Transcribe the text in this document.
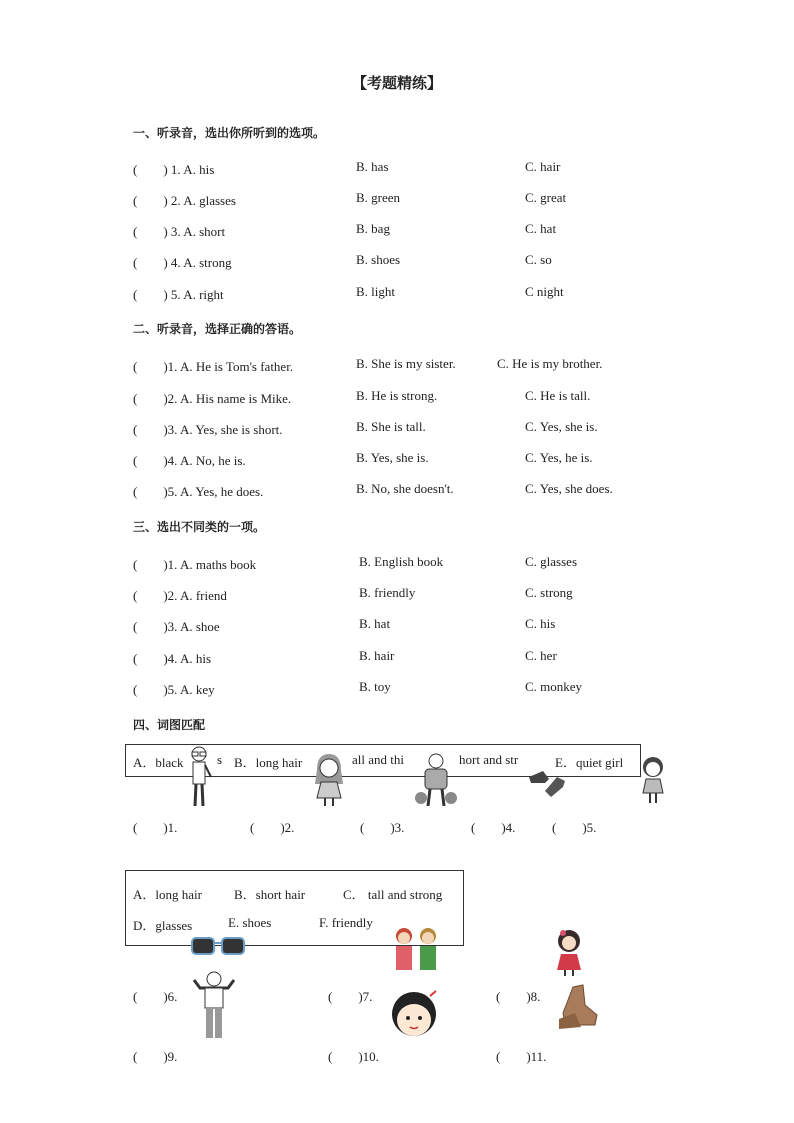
【考题精练】
一、听录音，选出你所听到的选项。
(　　) 1. A. his	B. has	C. hair
(　　) 2. A. glasses	B. green	C. great
(　　) 3. A. short	B. bag	C. hat
(　　) 4. A. strong	B. shoes	C. so
(　　) 5. A. right	B. light	C night
二、听录音，选择正确的答语。
(　　)1. A. He is Tom's father.	B. She is my sister.	C. He is my brother.
(　　)2. A. His name is Mike.	B. He is strong.	C. He is tall.
(　　)3. A. Yes, she is short.	B. She is tall.	C. Yes, she is.
(　　)4. A. No, he is.	B. Yes, she is.	C. Yes, he is.
(　　)5. A. Yes, he does.	B. No, she doesn't.	C. Yes, she does.
三、选出不同类的一项。
(　　)1. A. maths book	B. English book	C. glasses
(　　)2. A. friend	B. friendly	C. strong
(　　)3. A. shoe	B. hat	C. his
(　　)4. A. his	B. hair	C. her
(　　)5. A. key	B. toy	C. monkey
四、词图匹配
A．black	s B．long hair	all and thi	hort and str	E．quiet girl
(　　)1.	(　　)2.	(　　)3.	(　　)4.	(　　)5.
A．long hair B．short hair	C． tall and strong
D．glasses	E. shoes	F. friendly
(　　)6.	(　　)7.	(　　)8.
(　　)9.	(　　)10.	(　　)11.
